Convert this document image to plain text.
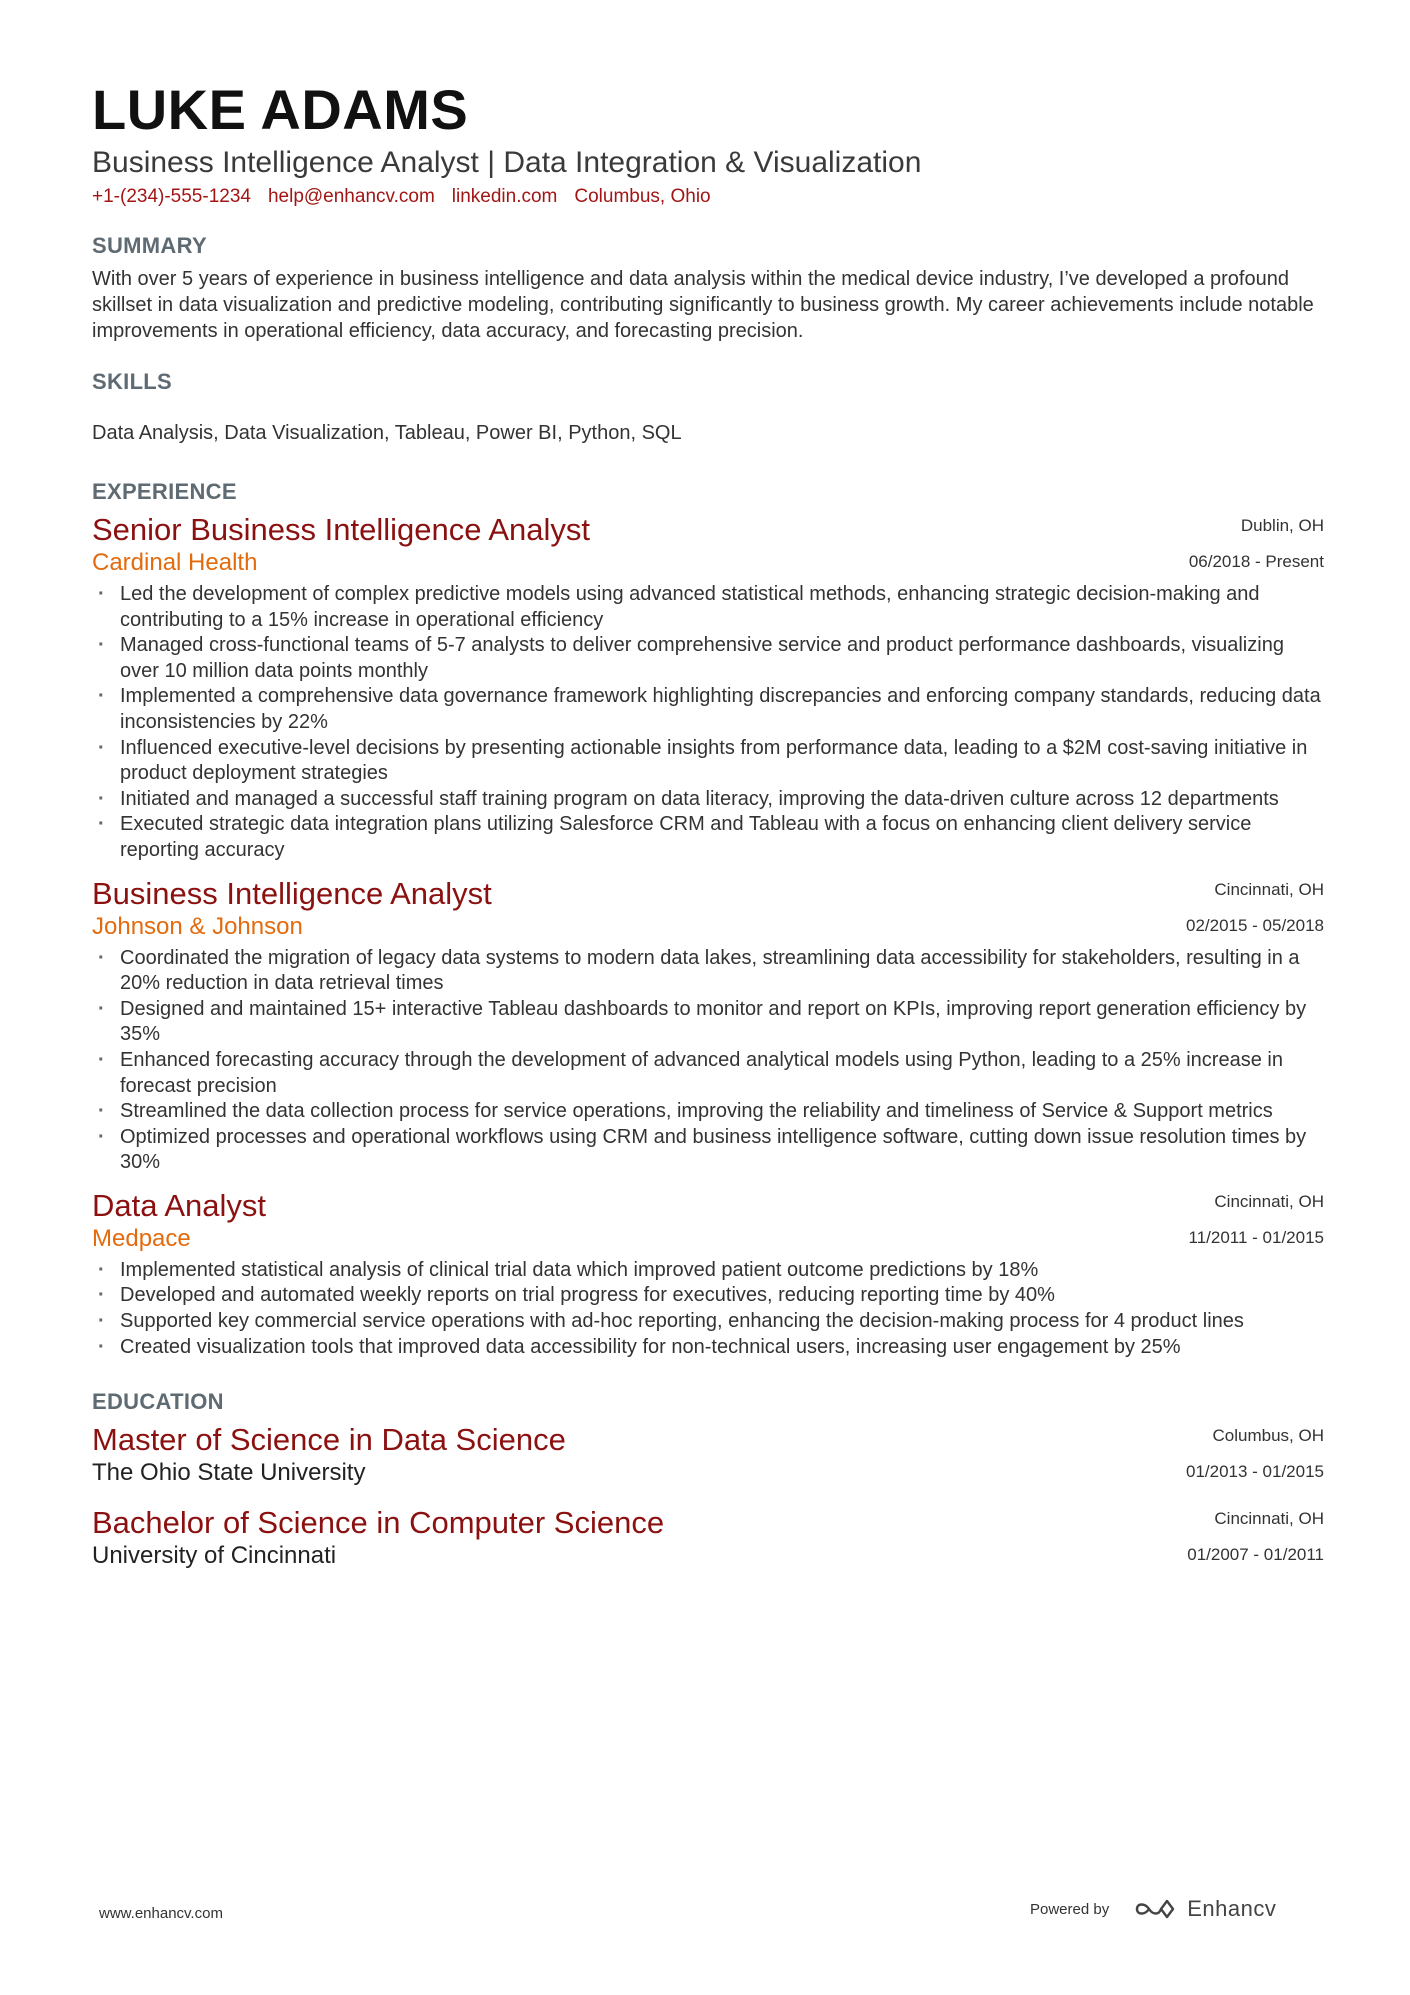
LUKE ADAMS
Business Intelligence Analyst | Data Integration & Visualization
+1-(234)-555-1234 help@enhancv.com linkedin.com Columbus, Ohio
SUMMARY
With over 5 years of experience in business intelligence and data analysis within the medical device industry, I’ve developed a profound skillset in data visualization and predictive modeling, contributing significantly to business growth. My career achievements include notable improvements in operational efficiency, data accuracy, and forecasting precision.
SKILLS
Data Analysis, Data Visualization, Tableau, Power BI, Python, SQL
EXPERIENCE
Senior Business Intelligence Analyst
Cardinal Health
Dublin, OH
06/2018 - Present
· Led the development of complex predictive models using advanced statistical methods, enhancing strategic decision-making and contributing to a 15% increase in operational efficiency
· Managed cross-functional teams of 5-7 analysts to deliver comprehensive service and product performance dashboards, visualizing over 10 million data points monthly
· Implemented a comprehensive data governance framework highlighting discrepancies and enforcing company standards, reducing data inconsistencies by 22%
· Influenced executive-level decisions by presenting actionable insights from performance data, leading to a $2M cost-saving initiative in product deployment strategies
· Initiated and managed a successful staff training program on data literacy, improving the data-driven culture across 12 departments
· Executed strategic data integration plans utilizing Salesforce CRM and Tableau with a focus on enhancing client delivery service reporting accuracy
Business Intelligence Analyst
Johnson & Johnson
Cincinnati, OH
02/2015 - 05/2018
· Coordinated the migration of legacy data systems to modern data lakes, streamlining data accessibility for stakeholders, resulting in a 20% reduction in data retrieval times
· Designed and maintained 15+ interactive Tableau dashboards to monitor and report on KPIs, improving report generation efficiency by 35%
· Enhanced forecasting accuracy through the development of advanced analytical models using Python, leading to a 25% increase in forecast precision
· Streamlined the data collection process for service operations, improving the reliability and timeliness of Service & Support metrics
· Optimized processes and operational workflows using CRM and business intelligence software, cutting down issue resolution times by 30%
Data Analyst
Medpace
Cincinnati, OH
11/2011 - 01/2015
· Implemented statistical analysis of clinical trial data which improved patient outcome predictions by 18%
· Developed and automated weekly reports on trial progress for executives, reducing reporting time by 40%
· Supported key commercial service operations with ad-hoc reporting, enhancing the decision-making process for 4 product lines
· Created visualization tools that improved data accessibility for non-technical users, increasing user engagement by 25%
EDUCATION
Master of Science in Data Science
The Ohio State University
Columbus, OH
01/2013 - 01/2015
Bachelor of Science in Computer Science
University of Cincinnati
Cincinnati, OH
01/2007 - 01/2011
www.enhancv.com	Powered by	Enhancv
